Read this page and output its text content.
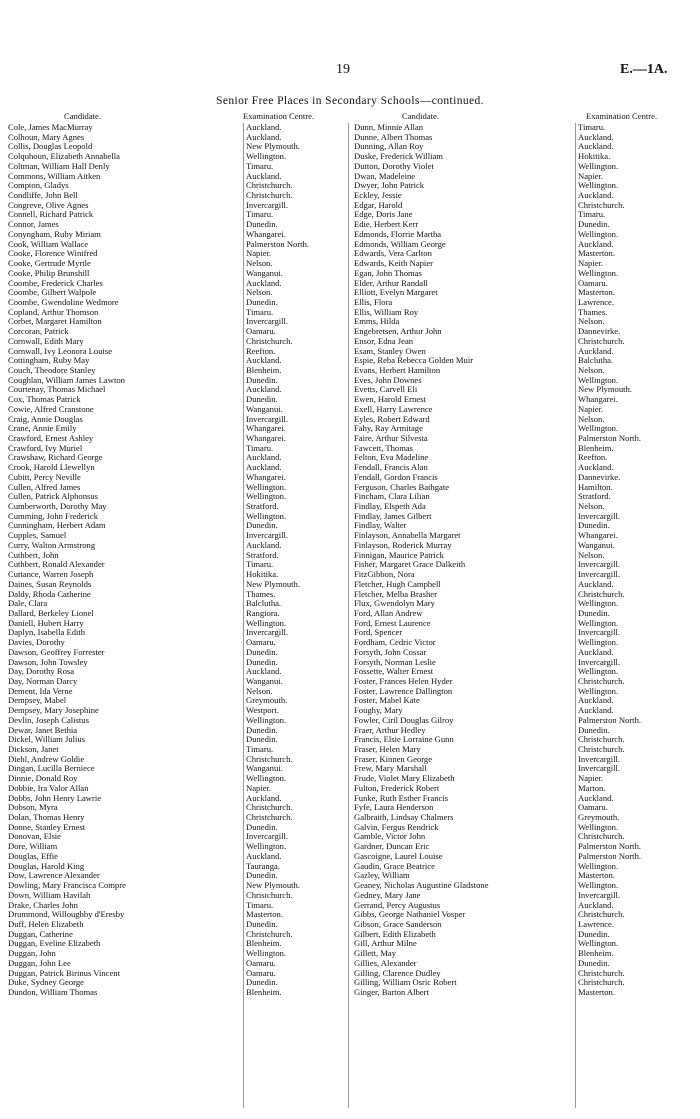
19	E.—1A.
Senior Free Places in Secondary Schools—continued.
Candidate.	Examination Centre.	Candidate.	Examination Centre.
Cole, James MacMurray	Auckland.
Colhoun, Mary Agnes	Auckland.
Collis, Douglas Leopold	New Plymouth.
Colquhoun, Elizabeth Annabella	Wellington.
Coltman, William Hall Denly	Timaru.
Commons, William Aitken	Auckland.
Compton, Gladys	Christchurch.
Condliffe, John Bell	Christchurch.
Congreve, Olive Agnes	Invercargill.
Connell, Richard Patrick	Timaru.
Connor, James	Dunedin.
Conyngham, Ruby Miriam	Whangarei.
Cook, William Wallace	Palmerston North.
Cooke, Florence Winifred	Napier.
Cooke, Gertrude Myrtle	Nelson.
Cooke, Philip Brunshill	Wanganui.
Coombe, Frederick Charles	Auckland.
Coombe, Gilbert Walpole	Nelson.
Coombe, Gwendoline Wedmore	Dunedin.
Copland, Arthur Thomson	Timaru.
Corbet, Margaret Hamilton	Invercargill.
Corcoran, Patrick	Oamaru.
Cornwall, Edith Mary	Christchurch.
Cornwall, Ivy Leonora Louise	Reefton.
Cottingham, Ruby May	Auckland.
Couch, Theodore Stanley	Blenheim.
Coughlan, William James Lawton	Dunedin.
Courtenay, Thomas Michael	Auckland.
Cox, Thomas Patrick	Dunedin.
Cowie, Alfred Cranstone	Wanganui.
Craig, Annie Douglas	Invercargill.
Crane, Annie Emily	Whangarei.
Crawford, Ernest Ashley	Whangarei.
Crawford, Ivy Muriel	Timaru.
Crawshaw, Richard George	Auckland.
Crook, Harold Llewellyn	Auckland.
Cubitt, Percy Neville	Whangarei.
Cullen, Alfred James	Wellington.
Cullen, Patrick Alphonsus	Wellington.
Cumberworth, Dorothy May	Stratford.
Cumming, John Frederick	Wellington.
Cunningham, Herbert Adam	Dunedin.
Cupples, Samuel	Invercargill.
Curry, Walton Armstrong	Auckland.
Cuthbert, John	Stratford.
Cuthbert, Ronald Alexander	Timaru.
Cuttance, Warren Joseph	Hokitika.
Daines, Susan Reynolds	New Plymouth.
Daldy, Rhoda Catherine	Thames.
Dale, Clara	Balclutha.
Dallard, Berkeley Lionel	Rangiora.
Daniell, Hubert Harry	Wellington.
Daplyn, Isabella Edith	Invercargill.
Davies, Dorothy	Oamaru.
Dawson, Geoffrey Forrester	Dunedin.
Dawson, John Towsley	Dunedin.
Day, Dorothy Rosa	Auckland.
Day, Norman Darcy	Wanganui.
Dement, Ida Verne	Nelson.
Dempsey, Mabel	Greymouth.
Dempsey, Mary Josephine	Westport.
Devlin, Joseph Calistus	Wellington.
Dewar, Janet Bethia	Dunedin.
Dickel, William Julius	Dunedin.
Dickson, Janet	Timaru.
Diehl, Andrew Goldie	Christchurch.
Dingan, Lucilla Berniece	Wanganui.
Dinnie, Donald Roy	Wellington.
Dobbie, Ira Valor Allan	Napier.
Dobbs, John Henry Lawrie	Auckland.
Dobson, Myra	Christchurch.
Dolan, Thomas Henry	Christchurch.
Donne, Stanley Ernest	Dunedin.
Donovan, Elsie	Invercargill.
Dore, William	Wellington.
Douglas, Effie	Auckland.
Douglas, Harold King	Tauranga.
Dow, Lawrence Alexander	Dunedin.
Dowling, Mary Francisca Compre	New Plymouth.
Down, William Havilah	Christchurch.
Drake, Charles John	Timaru.
Drummond, Willoughby d'Eresby	Masterton.
Duff, Helen Elizabeth	Dunedin.
Duggan, Catherine	Christchurch.
Duggan, Eveline Elizabeth	Blenheim.
Duggan, John	Wellington.
Duggan, John Lee	Oamaru.
Duggan, Patrick Birinus Vincent	Oamaru.
Duke, Sydney George	Dunedin.
Dundon, William Thomas	Blenheim.
Dunn, Minnie Allan	Timaru.
Dunne, Albert Thomas	Auckland.
Dunning, Allan Roy	Auckland.
Duske, Frederick William	Hokitika.
Dutton, Dorothy Violet	Wellington.
Dwan, Madeleine	Napier.
Dwyer, John Patrick	Wellington.
Eckley, Jessie	Auckland.
Edgar, Harold	Christchurch.
Edge, Doris Jane	Timaru.
Edie, Herbert Kerr	Dunedin.
Edmonds, Florrie Martha	Wellington.
Edmonds, William George	Auckland.
Edwards, Vera Carlton	Masterton.
Edwards, Keith Napier	Napier.
Egan, John Thomas	Wellington.
Elder, Arthur Randall	Oamaru.
Elliott, Evelyn Margaret	Masterton.
Ellis, Flora	Lawrence.
Ellis, William Roy	Thames.
Emms, Hilda	Nelson.
Engebretsen, Arthur John	Dannevirke.
Ensor, Edna Jean	Christchurch.
Esam, Stanley Owen	Auckland.
Espie, Reba Rebecca Golden Muir	Balclutha.
Evans, Herbert Hamilton	Nelson.
Eves, John Downes	Wellington.
Evetts, Carvell Eli	New Plymouth.
Ewen, Harold Ernest	Whangarei.
Exell, Harry Lawrence	Napier.
Eyles, Robert Edward	Nelson.
Fahy, Ray Armitage	Wellington.
Faire, Arthur Silvesta	Palmerston North.
Fawcett, Thomas	Blenheim.
Felton, Eva Madeline	Reefton.
Fendall, Francis Alan	Auckland.
Fendall, Gordon Francis	Dannevirke.
Ferguson, Charles Bathgate	Hamilton.
Fincham, Clara Lilian	Stratford.
Findlay, Elspeth Ada	Nelson.
Findlay, James Gilbert	Invercargill.
Findlay, Walter	Dunedin.
Finlayson, Annabella Margaret	Whangarei.
Finlayson, Roderick Murray	Wanganui.
Finnigan, Maurice Patrick	Nelson.
Fisher, Margaret Grace Dalkeith	Invercargill.
FitzGibbon, Nora	Invercargill.
Fletcher, Hugh Campbell	Auckland.
Fletcher, Melba Brasher	Christchurch.
Flux, Gwendolyn Mary	Wellington.
Ford, Allan Andrew	Dunedin.
Ford, Ernest Laurence	Wellington.
Ford, Spencer	Invercargill.
Fordham, Cedric Victor	Wellington.
Forsyth, John Cossar	Auckland.
Forsyth, Norman Leslie	Invercargill.
Fossette, Walter Ernest	Wellington.
Foster, Frances Helen Hyder	Christchurch.
Foster, Lawrence Dallington	Wellington.
Foster, Mabel Kate	Auckland.
Foughy, Mary	Auckland.
Fowler, Ciril Douglas Gilroy	Palmerston North.
Fraer, Arthur Hedley	Dunedin.
Francis, Elsie Lorraine Gunn	Christchurch.
Fraser, Helen Mary	Christchurch.
Fraser, Kinnen George	Invercargill.
Frew, Mary Marshall	Invercargill.
Frude, Violet Mary Elizabeth	Napier.
Fulton, Frederick Robert	Marton.
Funke, Ruth Esther Francis	Auckland.
Fyfe, Laura Henderson	Oamaru.
Galbraith, Lindsay Chalmers	Greymouth.
Galvin, Fergus Rendrick	Wellington.
Gamble, Victor John	Christchurch.
Gardner, Duncan Eric	Palmerston North.
Gascoigne, Laurel Louise	Palmerston North.
Gaudin, Grace Beatrice	Wellington.
Gazley, William	Masterton.
Geaney, Nicholas Augustine Gladstone	Wellington.
Gedney, Mary Jane	Invercargill.
Gerrand, Percy Augustus	Auckland.
Gibbs, George Nathaniel Vosper	Christchurch.
Gibson, Grace Sanderson	Lawrence.
Gilbert, Edith Elizabeth	Dunedin.
Gill, Arthur Milne	Wellington.
Gillett, May	Blenheim.
Gillies, Alexander	Dunedin.
Gilling, Clarence Dudley	Christchurch.
Gilling, William Osric Robert	Christchurch.
Ginger, Barton Albert	Masterton.
